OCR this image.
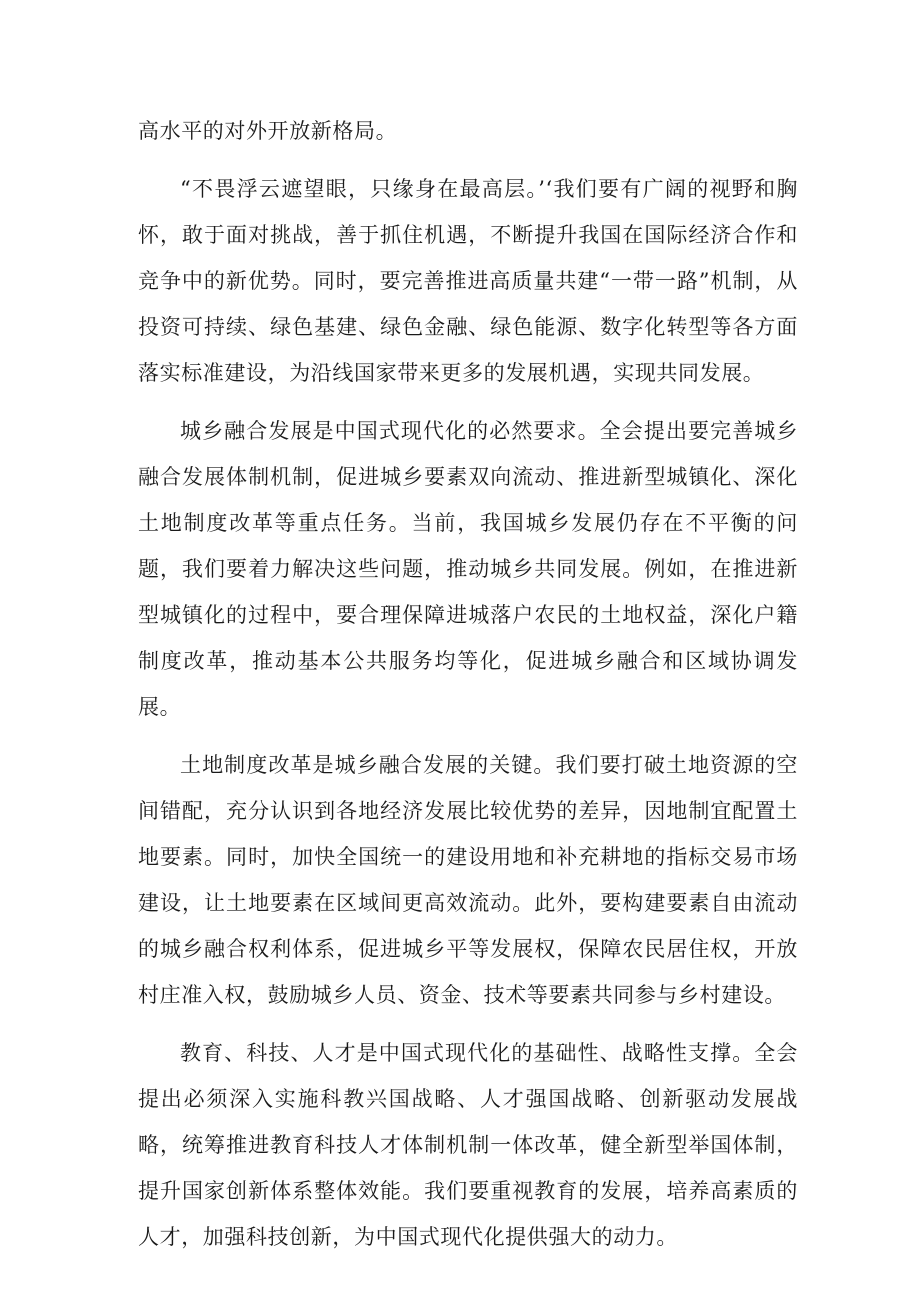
高水平的对外开放新格局。

“不畏浮云遮望眼，只缘身在最高层。’‘我们要有广阔的视野和胸怀，敢于面对挑战，善于抓住机遇，不断提升我国在国际经济合作和竞争中的新优势。同时，要完善推进高质量共建“一带一路”机制，从投资可持续、绿色基建、绿色金融、绿色能源、数字化转型等各方面落实标准建设，为沿线国家带来更多的发展机遇，实现共同发展。

城乡融合发展是中国式现代化的必然要求。全会提出要完善城乡融合发展体制机制，促进城乡要素双向流动、推进新型城镇化、深化土地制度改革等重点任务。当前，我国城乡发展仍存在不平衡的问题，我们要着力解决这些问题，推动城乡共同发展。例如，在推进新型城镇化的过程中，要合理保障进城落户农民的土地权益，深化户籍制度改革，推动基本公共服务均等化，促进城乡融合和区域协调发展。

土地制度改革是城乡融合发展的关键。我们要打破土地资源的空间错配，充分认识到各地经济发展比较优势的差异，因地制宜配置土地要素。同时，加快全国统一的建设用地和补充耕地的指标交易市场建设，让土地要素在区域间更高效流动。此外，要构建要素自由流动的城乡融合权利体系，促进城乡平等发展权，保障农民居住权，开放村庄准入权，鼓励城乡人员、资金、技术等要素共同参与乡村建设。

教育、科技、人才是中国式现代化的基础性、战略性支撑。全会提出必须深入实施科教兴国战略、人才强国战略、创新驱动发展战略，统筹推进教育科技人才体制机制一体改革，健全新型举国体制，提升国家创新体系整体效能。我们要重视教育的发展，培养高素质的人才，加强科技创新，为中国式现代化提供强大的动力。
